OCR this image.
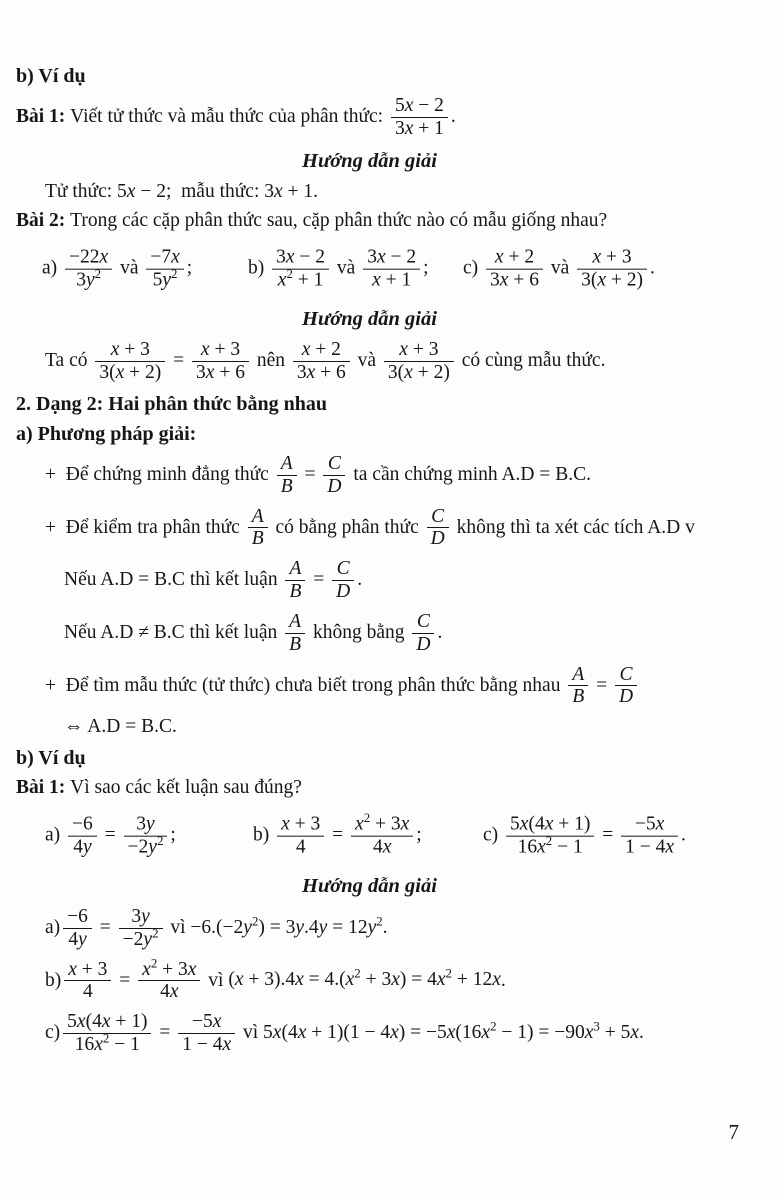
b) Ví dụ
Bài 1: Viết tử thức và mẫu thức của phân thức: $\frac{5x - 2}{3x + 1}$ .
Hướng dẫn giải
Tử thức: 5x − 2;  mẫu thức: 3x + 1.
Bài 2: Trong các cặp phân thức sau, cặp phân thức nào có mẫu giống nhau?
$a) \frac{-22x}{3y^2}$ và $\frac{-7x}{5y^2}$ ;	$b) \frac{3x - 2}{x^2 + 1}$ và $\frac{3x - 2}{x + 1}$ ; $c) \frac{x + 2}{3x + 6}$ và $\frac{x + 3}{3(x + 2)}$ .
Hướng dẫn giải
Ta có $\frac{x + 3}{3(x + 2)} = \frac{x + 3}{3x + 6}$ nên $\frac{x + 2}{3x + 6}$ và $\frac{x + 3}{3(x + 2)}$ có cùng mẫu thức.
2. Dạng 2: Hai phân thức bằng nhau
a) Phương pháp giải:
+  Để chứng minh đẳng thức $\frac{A}{B} = \frac{C}{D}$ ta cần chứng minh A.D = B.C.
+  Để kiểm tra phân thức $\frac{A}{B}$ có bằng phân thức $\frac{C}{D}$ không thì ta xét các tích A.D v
Nếu A.D = B.C thì kết luận $\frac{A}{B} = \frac{C}{D}$ .
Nếu A.D ≠ B.C thì kết luận $\frac{A}{B}$ không bằng $\frac{C}{D}$ .
+  Để tìm mẫu thức (tử thức) chưa biết trong phân thức bằng nhau $\frac{A}{B} = \frac{C}{D}$
⇔ A.D = B.C.
b) Ví dụ
Bài 1: Vì sao các kết luận sau đúng?
$a) \frac{-6}{4y} = \frac{3y}{-2y^2}$ ;	$b) \frac{x + 3}{4} = \frac{x^2 + 3x}{4x}$ ;	$c) \frac{5x(4x + 1)}{16x^2 - 1} = \frac{-5x}{1 - 4x}$ .
Hướng dẫn giải
$a) \frac{-6}{4y} = \frac{3y}{-2y^2}$ vì $-6.(-2y^2) = 3y.4y = 12y^2$.
$b) \frac{x + 3}{4} = \frac{x^2 + 3x}{4x}$ vì $(x + 3).4x = 4.(x^2 + 3x) = 4x^2 + 12x$.
$c) \frac{5x(4x + 1)}{16x^2 - 1} = \frac{-5x}{1 - 4x}$ vì $5x(4x + 1)(1 - 4x) = -5x(16x^2 - 1) = -90x^3 + 5x$.
7
